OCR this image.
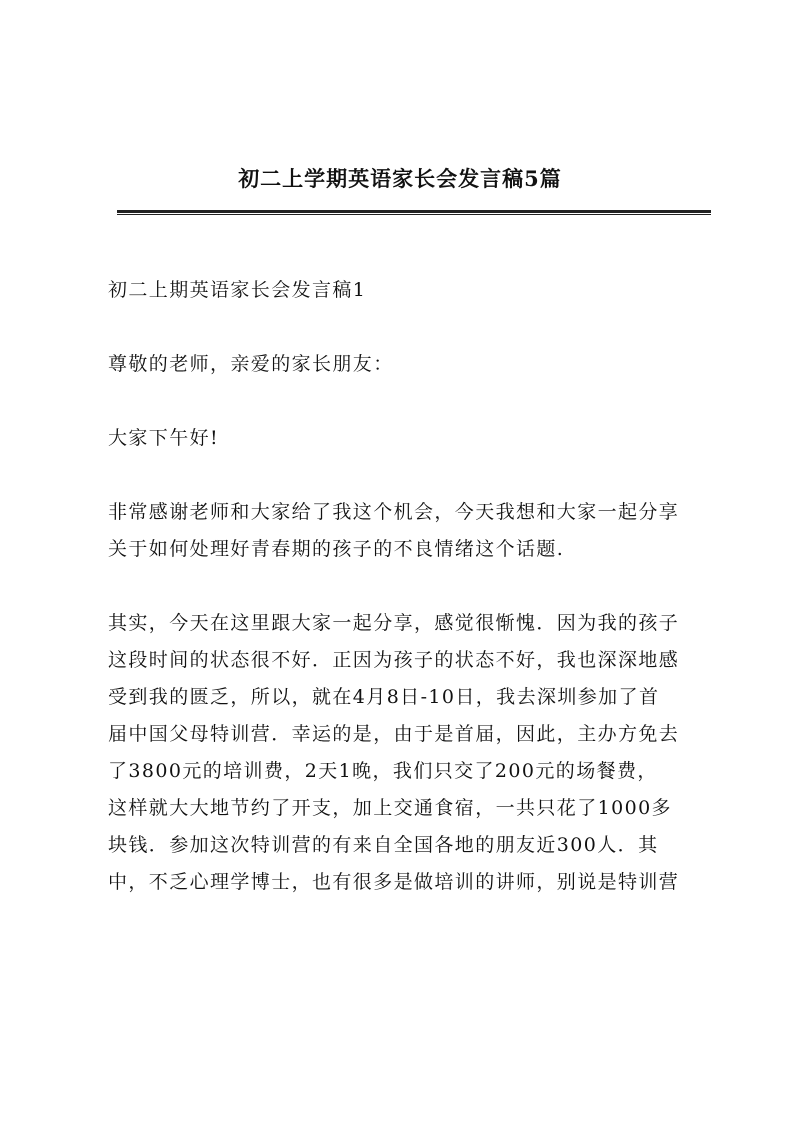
初二上学期英语家长会发言稿5篇

初二上期英语家长会发言稿1

尊敬的老师，亲爱的家长朋友：

大家下午好!

非常感谢老师和大家给了我这个机会，今天我想和大家一起分享
关于如何处理好青春期的孩子的不良情绪这个话题.

其实，今天在这里跟大家一起分享，感觉很惭愧．因为我的孩子
这段时间的状态很不好．正因为孩子的状态不好，我也深深地感
受到我的匮乏，所以，就在4月8日-10日，我去深圳参加了首
届中国父母特训营．幸运的是，由于是首届，因此，主办方免去
了3800元的培训费，2天1晚，我们只交了200元的场餐费，
这样就大大地节约了开支，加上交通食宿，一共只花了1000多
块钱．参加这次特训营的有来自全国各地的朋友近300人．其
中，不乏心理学博士，也有很多是做培训的讲师，别说是特训营
